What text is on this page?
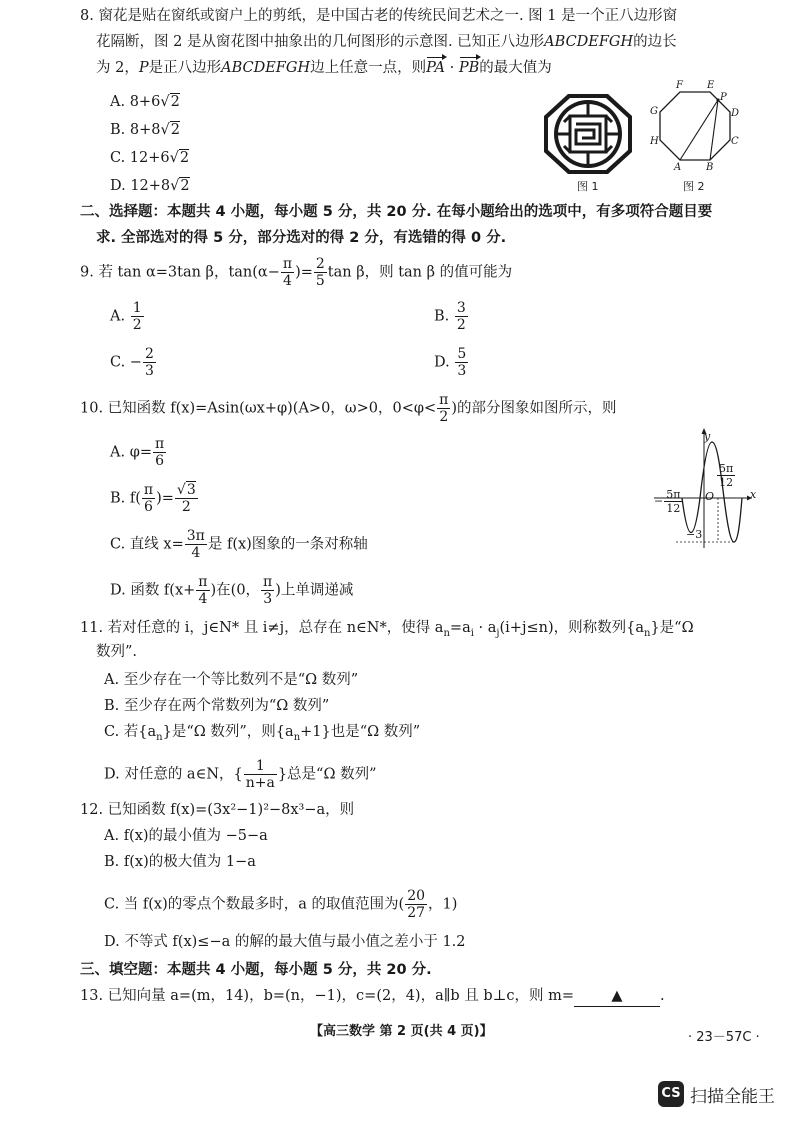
8. 窗花是贴在窗纸或窗户上的剪纸，是中国古老的传统民间艺术之一. 图 1 是一个正八边形窗
花隔断，图 2 是从窗花图中抽象出的几何图形的示意图. 已知正八边形ABCDEFGH的边长
为 2，P是正八边形ABCDEFGH边上任意一点，则PA · PB的最大值为
A. 8+6√2
B. 8+8√2
C. 12+6√2
D. 12+8√2	图 1
F E
P
G	D
H	C
A B
图 2
二、选择题：本题共 4 小题，每小题 5 分，共 20 分. 在每小题给出的选项中，有多项符合题目要
求. 全部选对的得 5 分，部分选对的得 2 分，有选错的得 0 分.
9. 若 tan α=3tan β，$\tan(\alpha- \frac{\pi}{4}$ )= $\frac{2}{5}$ tan β，则 tan β 的值可能为
A. $\frac{1}{2}$	B. $\frac{3}{2}$
C. − $\frac{2}{3}$	D. $\frac{5}{3}$
10. 已知函数 f(x)=Asin(ωx+φ)(A>0，ω>0，$0<\varphi< \frac{\pi}{2}$ )的部分图象如图所示，则
A. $\varphi= \frac{\pi}{6}$
B. $f( \frac{\pi}{6}$ )= $\frac{√3}{2}$
C. 直线 $x= \frac{3\pi}{4}$ 是 f(x)图象的一条对称轴
D. 函数 $f(x+ \frac{\pi}{4}$ )在(0， $\frac{\pi}{3}$ )上单调递减
y
x
O
−3
− $\frac{5\pi}{12}$
$\frac{5\pi}{12}$
11. 若对任意的 i，j∈N* 且 i≠j，总存在 n∈N*，使得 $a_n=a_i \cdot a_j(i+j\le n)$，则称数列$\{a_n\}$是“Ω
数列”.
A. 至少存在一个等比数列不是“Ω 数列”
B. 至少存在两个常数列为“Ω 数列”
C. 若$\{a_n\}$是“Ω 数列”，则$\{a_n+1\}$也是“Ω 数列”
D. 对任意的 a∈N，{ $\frac{1}{n+a}$ }总是“Ω 数列”
12. 已知函数 f(x)=(3x²−1)²−8x³−a，则
A. f(x)的最小值为 −5−a
B. f(x)的极大值为 1−a
C. 当 f(x)的零点个数最多时，a 的取值范围为( $\frac{20}{27}$ ，1)
D. 不等式 f(x)≤−a 的解的最大值与最小值之差小于 1.2
三、填空题：本题共 4 小题，每小题 5 分，共 20 分.
13. 已知向量 a=(m，14)，b=(n，−1)，c=(2，4)，a∥b 且 b⊥c，则 m=	▲	.
【高三数学 第 2 页(共 4 页)】	· 23－57C ·
CS 扫描全能王
